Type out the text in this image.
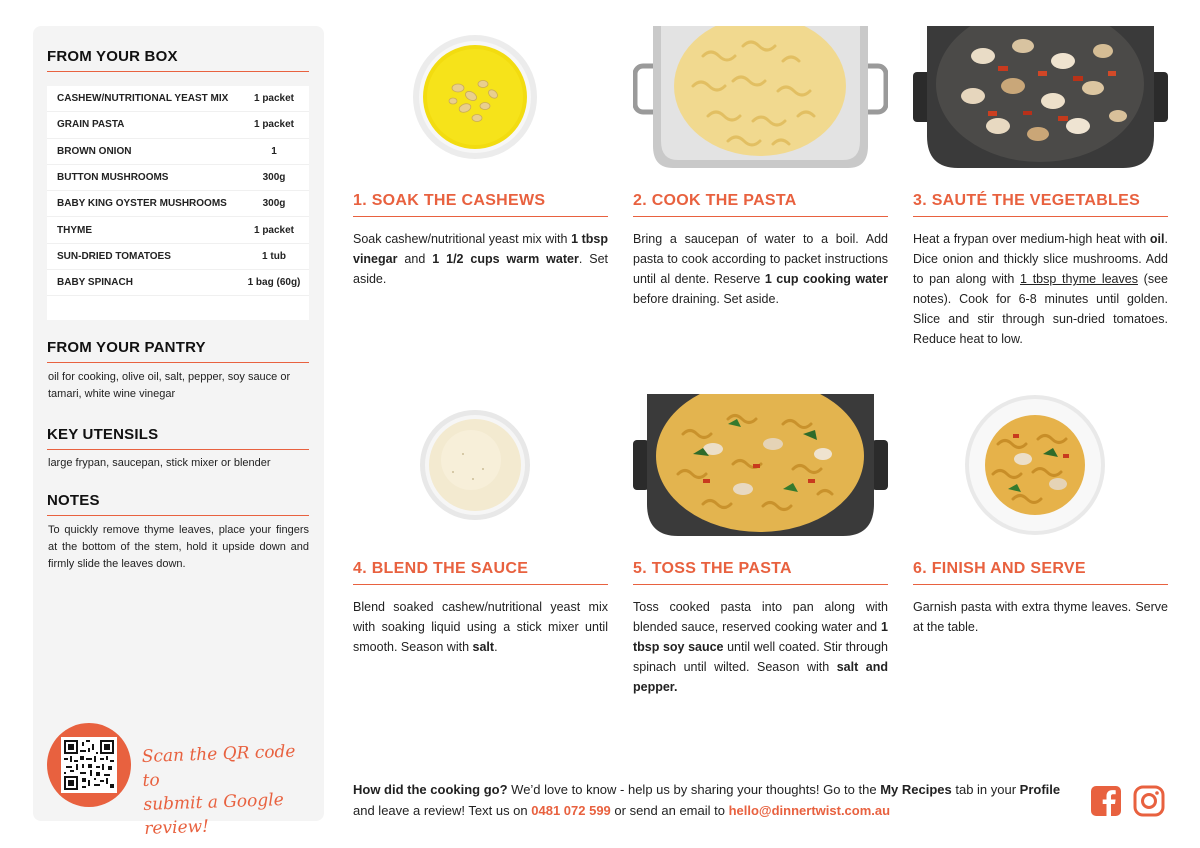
FROM YOUR BOX
CASHEW/NUTRITIONAL YEAST MIX	1 packet
GRAIN PASTA	1 packet
BROWN ONION	1
BUTTON MUSHROOMS	300g
BABY KING OYSTER MUSHROOMS	300g
THYME	1 packet
SUN-DRIED TOMATOES	1 tub
BABY SPINACH	1 bag (60g)
FROM YOUR PANTRY
oil for cooking, olive oil, salt, pepper, soy sauce or tamari, white wine vinegar
KEY UTENSILS
large frypan, saucepan, stick mixer or blender
NOTES
To quickly remove thyme leaves, place your fingers at the bottom of the stem, hold it upside down and firmly slide the leaves down.
Scan the QR code to
submit a Google review!
1. SOAK THE CASHEWS
Soak cashew/nutritional yeast mix with 1 tbsp vinegar and 1 1/2 cups warm water. Set aside.
2. COOK THE PASTA
Bring a saucepan of water to a boil. Add pasta to cook according to packet instructions until al dente. Reserve 1 cup cooking water before draining. Set aside.
3. SAUTÉ THE VEGETABLES
Heat a frypan over medium-high heat with oil. Dice onion and thickly slice mushrooms. Add to pan along with 1 tbsp thyme leaves (see notes). Cook for 6-8 minutes until golden. Slice and stir through sun-dried tomatoes. Reduce heat to low.
4. BLEND THE SAUCE
Blend soaked cashew/nutritional yeast mix with soaking liquid using a stick mixer until smooth. Season with salt.
5. TOSS THE PASTA
Toss cooked pasta into pan along with blended sauce, reserved cooking water and 1 tbsp soy sauce until well coated. Stir through spinach until wilted. Season with salt and pepper.
6. FINISH AND SERVE
Garnish pasta with extra thyme leaves. Serve at the table.
How did the cooking go? We’d love to know - help us by sharing your thoughts! Go to the My Recipes tab in your Profile and leave a review! Text us on 0481 072 599 or send an email to hello@dinnertwist.com.au
